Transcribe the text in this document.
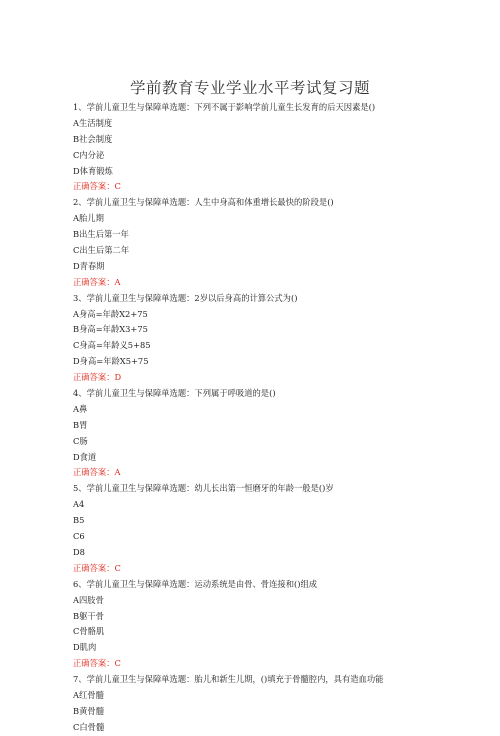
学前教育专业学业水平考试复习题
1、学前儿童卫生与保障单选题：下列不属于影响学前儿童生长发育的后天因素是()
A生活制度
B社会制度
C内分泌
D体育锻炼
正确答案：C
2、学前儿童卫生与保障单选题：人生中身高和体重增长最快的阶段是()
A胎儿期
B出生后第一年
C出生后第二年
D青春期
正确答案：A
3、学前儿童卫生与保障单选题：2岁以后身高的计算公式为()
A身高=年龄X2+75
B身高=年龄X3+75
C身高=年龄义5+85
D身高=年龄X5+75
正确答案：D
4、学前儿童卫生与保障单选题：下列属于呼吸道的是()
A鼻
B胃
C肠
D食道
正确答案：A
5、学前儿童卫生与保障单选题：幼儿长出第一恒磨牙的年龄一般是()岁
A4
B5
C6
D8
正确答案：C
6、学前儿童卫生与保障单选题：运动系统是由骨、骨连接和()组成
A四肢骨
B躯干骨
C骨骼肌
D肌肉
正确答案：C
7、学前儿童卫生与保障单选题：胎儿和新生儿期，()填充于骨髓腔内，具有造血功能
A红骨髓
B黄骨髓
C白骨髓
